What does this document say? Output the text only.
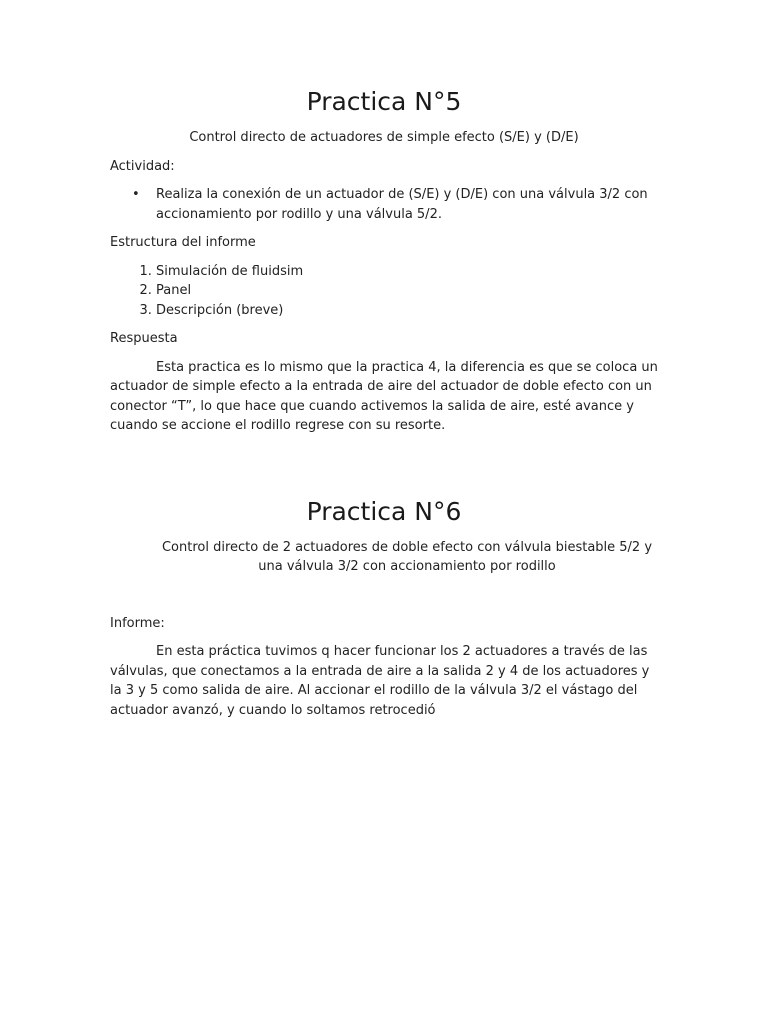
Practica N°5

Control directo de actuadores de simple efecto (S/E) y (D/E)

Actividad:

• Realiza la conexión de un actuador de (S/E) y (D/E) con una válvula 3/2 con accionamiento por rodillo y una válvula 5/2.

Estructura del informe

1. Simulación de fluidsim
2. Panel
3. Descripción (breve)

Respuesta

Esta practica es lo mismo que la practica 4, la diferencia es que se coloca un actuador de simple efecto a la entrada de aire del actuador de doble efecto con un conector “T”, lo que hace que cuando activemos la salida de aire, esté avance y cuando se accione el rodillo regrese con su resorte.

Practica N°6

Control directo de 2 actuadores de doble efecto con válvula biestable 5/2 y una válvula 3/2 con accionamiento por rodillo

Informe:

En esta práctica tuvimos q hacer funcionar los 2 actuadores a través de las válvulas, que conectamos a la entrada de aire a la salida 2 y 4 de los actuadores y la 3 y 5 como salida de aire. Al accionar el rodillo de la válvula 3/2 el vástago del actuador avanzó, y cuando lo soltamos retrocedió
